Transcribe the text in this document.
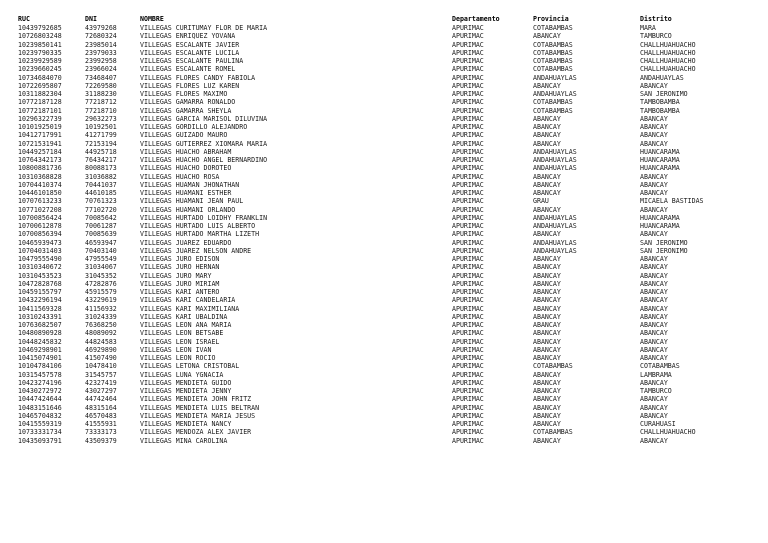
RUC	DNI	NOMBRE	Departamento	Provincia	Distrito
10439792685	43979268	VILLEGAS CURITUMAY FLOR DE MARIA	APURIMAC	COTABAMBAS	MARA
10726803248	72680324	VILLEGAS ENRIQUEZ YOVANA	APURIMAC	ABANCAY	TAMBURCO
10239850141	23985014	VILLEGAS ESCALANTE JAVIER	APURIMAC	COTABAMBAS	CHALLHUAHUACHO
10239790335	23979033	VILLEGAS ESCALANTE LUCILA	APURIMAC	COTABAMBAS	CHALLHUAHUACHO
10239929589	23992958	VILLEGAS ESCALANTE PAULINA	APURIMAC	COTABAMBAS	CHALLHUAHUACHO
10239660245	23966024	VILLEGAS ESCALANTE ROMEL	APURIMAC	COTABAMBAS	CHALLHUAHUACHO
10734684070	73468407	VILLEGAS FLORES CANDY FABIOLA	APURIMAC	ANDAHUAYLAS	ANDAHUAYLAS
10722695807	72269580	VILLEGAS FLORES LUZ KAREN	APURIMAC	ABANCAY	ABANCAY
10311882304	31188230	VILLEGAS FLORES MAXIMO	APURIMAC	ANDAHUAYLAS	SAN JERONIMO
10772187128	77218712	VILLEGAS GAMARRA RONALDO	APURIMAC	COTABAMBAS	TAMBOBAMBA
10772187101	77218710	VILLEGAS GAMARRA SHEYLA	APURIMAC	COTABAMBAS	TAMBOBAMBA
10296322739	29632273	VILLEGAS GARCIA MARISOL DILUVINA	APURIMAC	ABANCAY	ABANCAY
10101925019	10192501	VILLEGAS GORDILLO ALEJANDRO	APURIMAC	ABANCAY	ABANCAY
10412717991	41271799	VILLEGAS GUIZADO MAURO	APURIMAC	ABANCAY	ABANCAY
10721531941	72153194	VILLEGAS GUTIERREZ XIOMARA MARIA	APURIMAC	ABANCAY	ABANCAY
10449257184	44925718	VILLEGAS HUACHO ABRAHAM	APURIMAC	ANDAHUAYLAS	HUANCARAMA
10764342173	76434217	VILLEGAS HUACHO ANGEL BERNARDINO	APURIMAC	ANDAHUAYLAS	HUANCARAMA
10800881736	80088173	VILLEGAS HUACHO DOROTEO	APURIMAC	ANDAHUAYLAS	HUANCARAMA
10310368828	31036882	VILLEGAS HUACHO ROSA	APURIMAC	ABANCAY	ABANCAY
10704410374	70441037	VILLEGAS HUAMAN JHONATHAN	APURIMAC	ABANCAY	ABANCAY
10446101850	44610185	VILLEGAS HUAMANI ESTHER	APURIMAC	ABANCAY	ABANCAY
10707613233	70761323	VILLEGAS HUAMANI JEAN PAUL	APURIMAC	GRAU	MICAELA BASTIDAS
10771027208	77102720	VILLEGAS HUAMANI ORLANDO	APURIMAC	ABANCAY	ABANCAY
10700856424	70085642	VILLEGAS HURTADO LOIDHY FRANKLIN	APURIMAC	ANDAHUAYLAS	HUANCARAMA
10700612878	70061287	VILLEGAS HURTADO LUIS ALBERTO	APURIMAC	ANDAHUAYLAS	HUANCARAMA
10700856394	70085639	VILLEGAS HURTADO MARTHA LIZETH	APURIMAC	ABANCAY	ABANCAY
10465939473	46593947	VILLEGAS JUAREZ EDUARDO	APURIMAC	ANDAHUAYLAS	SAN JERONIMO
10704031403	70403140	VILLEGAS JUAREZ NELSON ANDRE	APURIMAC	ANDAHUAYLAS	SAN JERONIMO
10479555490	47955549	VILLEGAS JURO EDISON	APURIMAC	ABANCAY	ABANCAY
10310340672	31034067	VILLEGAS JURO HERNAN	APURIMAC	ABANCAY	ABANCAY
10310453523	31045352	VILLEGAS JURO MARY	APURIMAC	ABANCAY	ABANCAY
10472828768	47282876	VILLEGAS JURO MIRIAM	APURIMAC	ABANCAY	ABANCAY
10459155797	45915579	VILLEGAS KARI ANTERO	APURIMAC	ABANCAY	ABANCAY
10432296194	43229619	VILLEGAS KARI CANDELARIA	APURIMAC	ABANCAY	ABANCAY
10411569328	41156932	VILLEGAS KARI MAXIMILIANA	APURIMAC	ABANCAY	ABANCAY
10310243391	31024339	VILLEGAS KARI UBALDINA	APURIMAC	ABANCAY	ABANCAY
10763682507	76368250	VILLEGAS LEON ANA MARIA	APURIMAC	ABANCAY	ABANCAY
10480890928	48089092	VILLEGAS LEON BETSABE	APURIMAC	ABANCAY	ABANCAY
10448245832	44824583	VILLEGAS LEON ISRAEL	APURIMAC	ABANCAY	ABANCAY
10469298901	46929890	VILLEGAS LEON IVAN	APURIMAC	ABANCAY	ABANCAY
10415074901	41507490	VILLEGAS LEON ROCIO	APURIMAC	ABANCAY	ABANCAY
10104784106	10478410	VILLEGAS LETONA CRISTOBAL	APURIMAC	COTABAMBAS	COTABAMBAS
10315457578	31545757	VILLEGAS LUNA YGNACIA	APURIMAC	ABANCAY	LAMBRAMA
10423274196	42327419	VILLEGAS MENDIETA GUIDO	APURIMAC	ABANCAY	ABANCAY
10430272972	43027297	VILLEGAS MENDIETA JENNY	APURIMAC	ABANCAY	TAMBURCO
10447424644	44742464	VILLEGAS MENDIETA JOHN FRITZ	APURIMAC	ABANCAY	ABANCAY
10483151646	48315164	VILLEGAS MENDIETA LUIS BELTRAN	APURIMAC	ABANCAY	ABANCAY
10465704832	46570483	VILLEGAS MENDIETA MARIA JESUS	APURIMAC	ABANCAY	ABANCAY
10415559319	41555931	VILLEGAS MENDIETA NANCY	APURIMAC	ABANCAY	CURAHUASI
10733331734	73333173	VILLEGAS MENDOZA ALEX JAVIER	APURIMAC	COTABAMBAS	CHALLHUAHUACHO
10435093791	43509379	VILLEGAS MINA CAROLINA	APURIMAC	ABANCAY	ABANCAY
